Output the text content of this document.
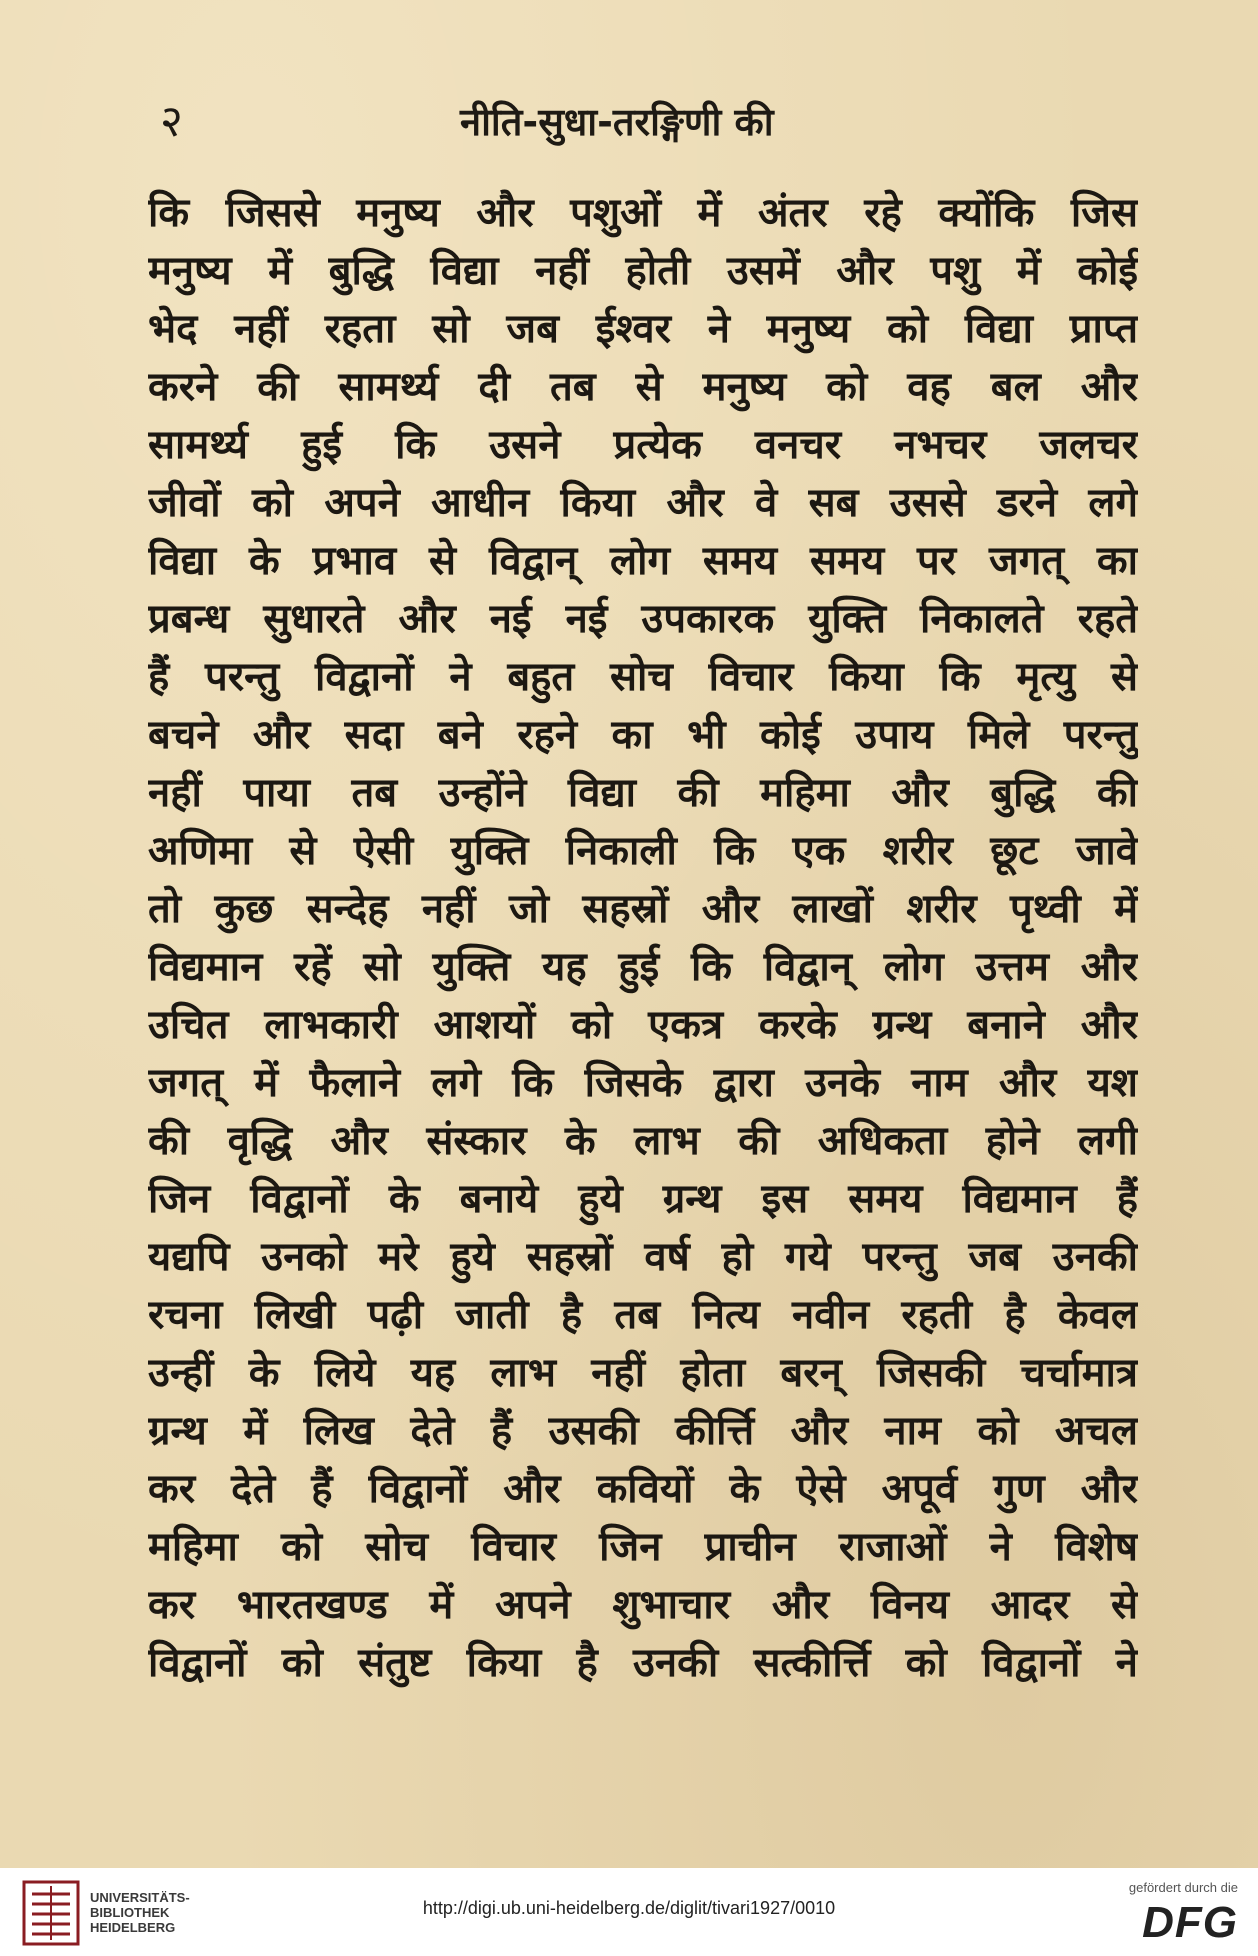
२	नीति-सुधा-तरङ्गिणी की
कि जिससे मनुष्य और पशुओं में अंतर रहे क्योंकि जिस
मनुष्य में बुद्धि विद्या नहीं होती उसमें और पशु में कोई
भेद नहीं रहता सो जब ईश्वर ने मनुष्य को विद्या प्राप्त
करने की सामर्थ्य दी तब से मनुष्य को वह बल और
सामर्थ्य हुई कि उसने प्रत्येक वनचर नभचर जलचर
जीवों को अपने आधीन किया और वे सब उससे डरने लगे
विद्या के प्रभाव से विद्वान् लोग समय समय पर जगत् का
प्रबन्ध सुधारते और नई नई उपकारक युक्ति निकालते रहते
हैं परन्तु विद्वानों ने बहुत सोच विचार किया कि मृत्यु से
बचने और सदा बने रहने का भी कोई उपाय मिले परन्तु
नहीं पाया तब उन्होंने विद्या की महिमा और बुद्धि की
अणिमा से ऐसी युक्ति निकाली कि एक शरीर छूट जावे
तो कुछ सन्देह नहीं जो सहस्रों और लाखों शरीर पृथ्वी में
विद्यमान रहें सो युक्ति यह हुई कि विद्वान् लोग उत्तम और
उचित लाभकारी आशयों को एकत्र करके ग्रन्थ बनाने और
जगत् में फैलाने लगे कि जिसके द्वारा उनके नाम और यश
की वृद्धि और संस्कार के लाभ की अधिकता होने लगी
जिन विद्वानों के बनाये हुये ग्रन्थ इस समय विद्यमान हैं
यद्यपि उनको मरे हुये सहस्रों वर्ष हो गये परन्तु जब उनकी
रचना लिखी पढ़ी जाती है तब नित्य नवीन रहती है केवल
उन्हीं के लिये यह लाभ नहीं होता बरन् जिसकी चर्चामात्र
ग्रन्थ में लिख देते हैं उसकी कीर्त्ति और नाम को अचल
कर देते हैं विद्वानों और कवियों के ऐसे अपूर्व गुण और
महिमा को सोच विचार जिन प्राचीन राजाओं ने विशेष
कर भारतखण्ड में अपने शुभाचार और विनय आदर से
विद्वानों को संतुष्ट किया है उनकी सत्कीर्त्ति को विद्वानों ने
UNIVERSITÄTS-
BIBLIOTHEK
HEIDELBERG
http://digi.ub.uni-heidelberg.de/diglit/tivari1927/0010
gefördert durch die
DFG
